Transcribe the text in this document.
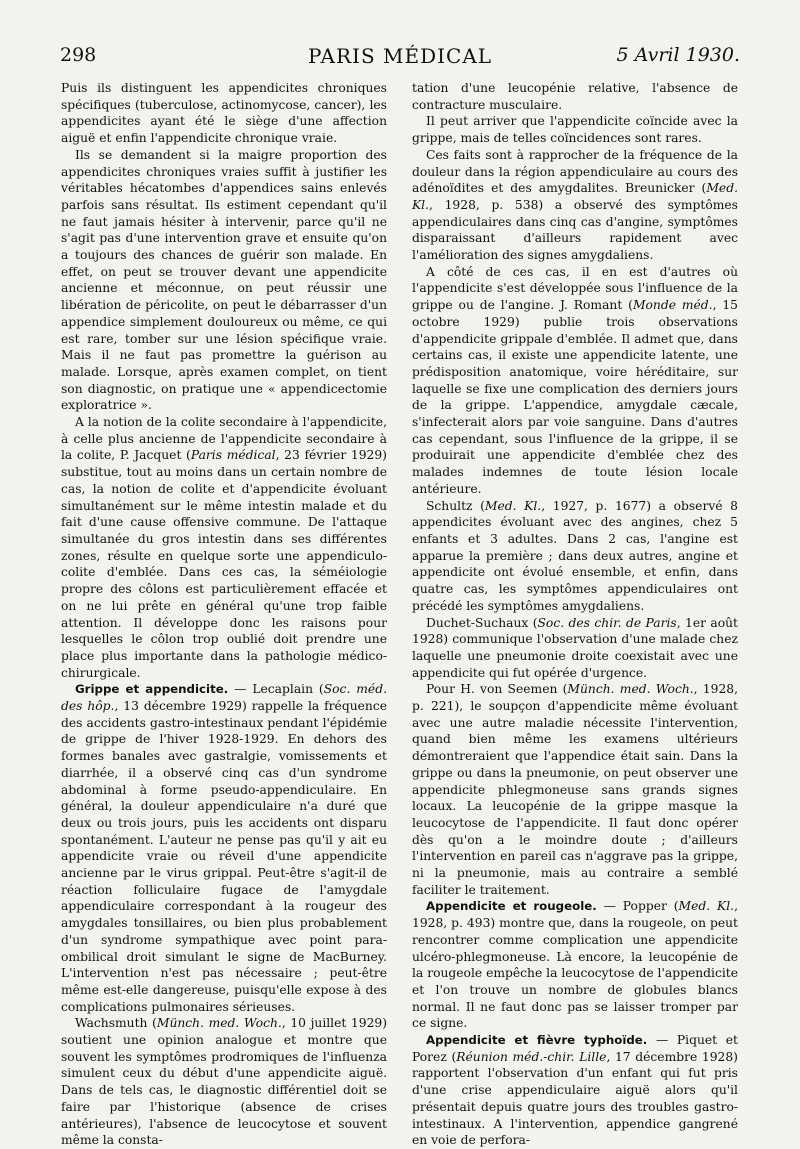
298	PARIS MÉDICAL	5 Avril 1930.

Puis ils distinguent les appendicites chroniques spécifiques (tuberculose, actinomycose, cancer), les appendicites ayant été le siège d'une affection aiguë et enfin l'appendicite chronique vraie.

Ils se demandent si la maigre proportion des appendicites chroniques vraies suffit à justifier les véritables hécatombes d'appendices sains enlevés parfois sans résultat. Ils estiment cependant qu'il ne faut jamais hésiter à intervenir, parce qu'il ne s'agit pas d'une intervention grave et ensuite qu'on a toujours des chances de guérir son malade. En effet, on peut se trouver devant une appendicite ancienne et méconnue, on peut réussir une libération de péricolite, on peut le débarrasser d'un appendice simplement douloureux ou même, ce qui est rare, tomber sur une lésion spécifique vraie. Mais il ne faut pas promettre la guérison au malade. Lorsque, après examen complet, on tient son diagnostic, on pratique une « appendicectomie exploratrice ».

A la notion de la colite secondaire à l'appendicite, à celle plus ancienne de l'appendicite secondaire à la colite, P. Jacquet (Paris médical, 23 février 1929) substitue, tout au moins dans un certain nombre de cas, la notion de colite et d'appendicite évoluant simultanément sur le même intestin malade et du fait d'une cause offensive commune. De l'attaque simultanée du gros intestin dans ses différentes zones, résulte en quelque sorte une appendiculo-colite d'emblée. Dans ces cas, la séméiologie propre des côlons est particulièrement effacée et on ne lui prête en général qu'une trop faible attention. Il développe donc les raisons pour lesquelles le côlon trop oublié doit prendre une place plus importante dans la pathologie médico-chirurgicale.

Grippe et appendicite. — Lecaplain (Soc. méd. des hôp., 13 décembre 1929) rappelle la fréquence des accidents gastro-intestinaux pendant l'épidémie de grippe de l'hiver 1928-1929. En dehors des formes banales avec gastralgie, vomissements et diarrhée, il a observé cinq cas d'un syndrome abdominal à forme pseudo-appendiculaire. En général, la douleur appendiculaire n'a duré que deux ou trois jours, puis les accidents ont disparu spontanément. L'auteur ne pense pas qu'il y ait eu appendicite vraie ou réveil d'une appendicite ancienne par le virus grippal. Peut-être s'agit-il de réaction folliculaire fugace de l'amygdale appendiculaire correspondant à la rougeur des amygdales tonsillaires, ou bien plus probablement d'un syndrome sympathique avec point para-ombilical droit simulant le signe de MacBurney. L'intervention n'est pas nécessaire ; peut-être même est-elle dangereuse, puisqu'elle expose à des complications pulmonaires sérieuses.

Wachsmuth (Münch. med. Woch., 10 juillet 1929) soutient une opinion analogue et montre que souvent les symptômes prodromiques de l'influenza simulent ceux du début d'une appendicite aiguë. Dans de tels cas, le diagnostic différentiel doit se faire par l'historique (absence de crises antérieures), l'absence de leucocytose et souvent même la consta-

tation d'une leucopénie relative, l'absence de contracture musculaire.

Il peut arriver que l'appendicite coïncide avec la grippe, mais de telles coïncidences sont rares.

Ces faits sont à rapprocher de la fréquence de la douleur dans la région appendiculaire au cours des adénoïdites et des amygdalites. Breunicker (Med. Kl., 1928, p. 538) a observé des symptômes appendiculaires dans cinq cas d'angine, symptômes disparaissant d'ailleurs rapidement avec l'amélioration des signes amygdaliens.

A côté de ces cas, il en est d'autres où l'appendicite s'est développée sous l'influence de la grippe ou de l'angine. J. Romant (Monde méd., 15 octobre 1929) publie trois observations d'appendicite grippale d'emblée. Il admet que, dans certains cas, il existe une appendicite latente, une prédisposition anatomique, voire héréditaire, sur laquelle se fixe une complication des derniers jours de la grippe. L'appendice, amygdale cæcale, s'infecterait alors par voie sanguine. Dans d'autres cas cependant, sous l'influence de la grippe, il se produirait une appendicite d'emblée chez des malades indemnes de toute lésion locale antérieure.

Schultz (Med. Kl., 1927, p. 1677) a observé 8 appendicites évoluant avec des angines, chez 5 enfants et 3 adultes. Dans 2 cas, l'angine est apparue la première ; dans deux autres, angine et appendicite ont évolué ensemble, et enfin, dans quatre cas, les symptômes appendiculaires ont précédé les symptômes amygdaliens.

Duchet-Suchaux (Soc. des chir. de Paris, 1er août 1928) communique l'observation d'une malade chez laquelle une pneumonie droite coexistait avec une appendicite qui fut opérée d'urgence.

Pour H. von Seemen (Münch. med. Woch., 1928, p. 221), le soupçon d'appendicite même évoluant avec une autre maladie nécessite l'intervention, quand bien même les examens ultérieurs démontreraient que l'appendice était sain. Dans la grippe ou dans la pneumonie, on peut observer une appendicite phlegmoneuse sans grands signes locaux. La leucopénie de la grippe masque la leucocytose de l'appendicite. Il faut donc opérer dès qu'on a le moindre doute ; d'ailleurs l'intervention en pareil cas n'aggrave pas la grippe, ni la pneumonie, mais au contraire a semblé faciliter le traitement.

Appendicite et rougeole. — Popper (Med. Kl., 1928, p. 493) montre que, dans la rougeole, on peut rencontrer comme complication une appendicite ulcéro-phlegmoneuse. Là encore, la leucopénie de la rougeole empêche la leucocytose de l'appendicite et l'on trouve un nombre de globules blancs normal. Il ne faut donc pas se laisser tromper par ce signe.

Appendicite et fièvre typhoïde. — Piquet et Porez (Réunion méd.-chir. Lille, 17 décembre 1928) rapportent l'observation d'un enfant qui fut pris d'une crise appendiculaire aiguë alors qu'il présentait depuis quatre jours des troubles gastro-intestinaux. A l'intervention, appendice gangrené en voie de perfora-
